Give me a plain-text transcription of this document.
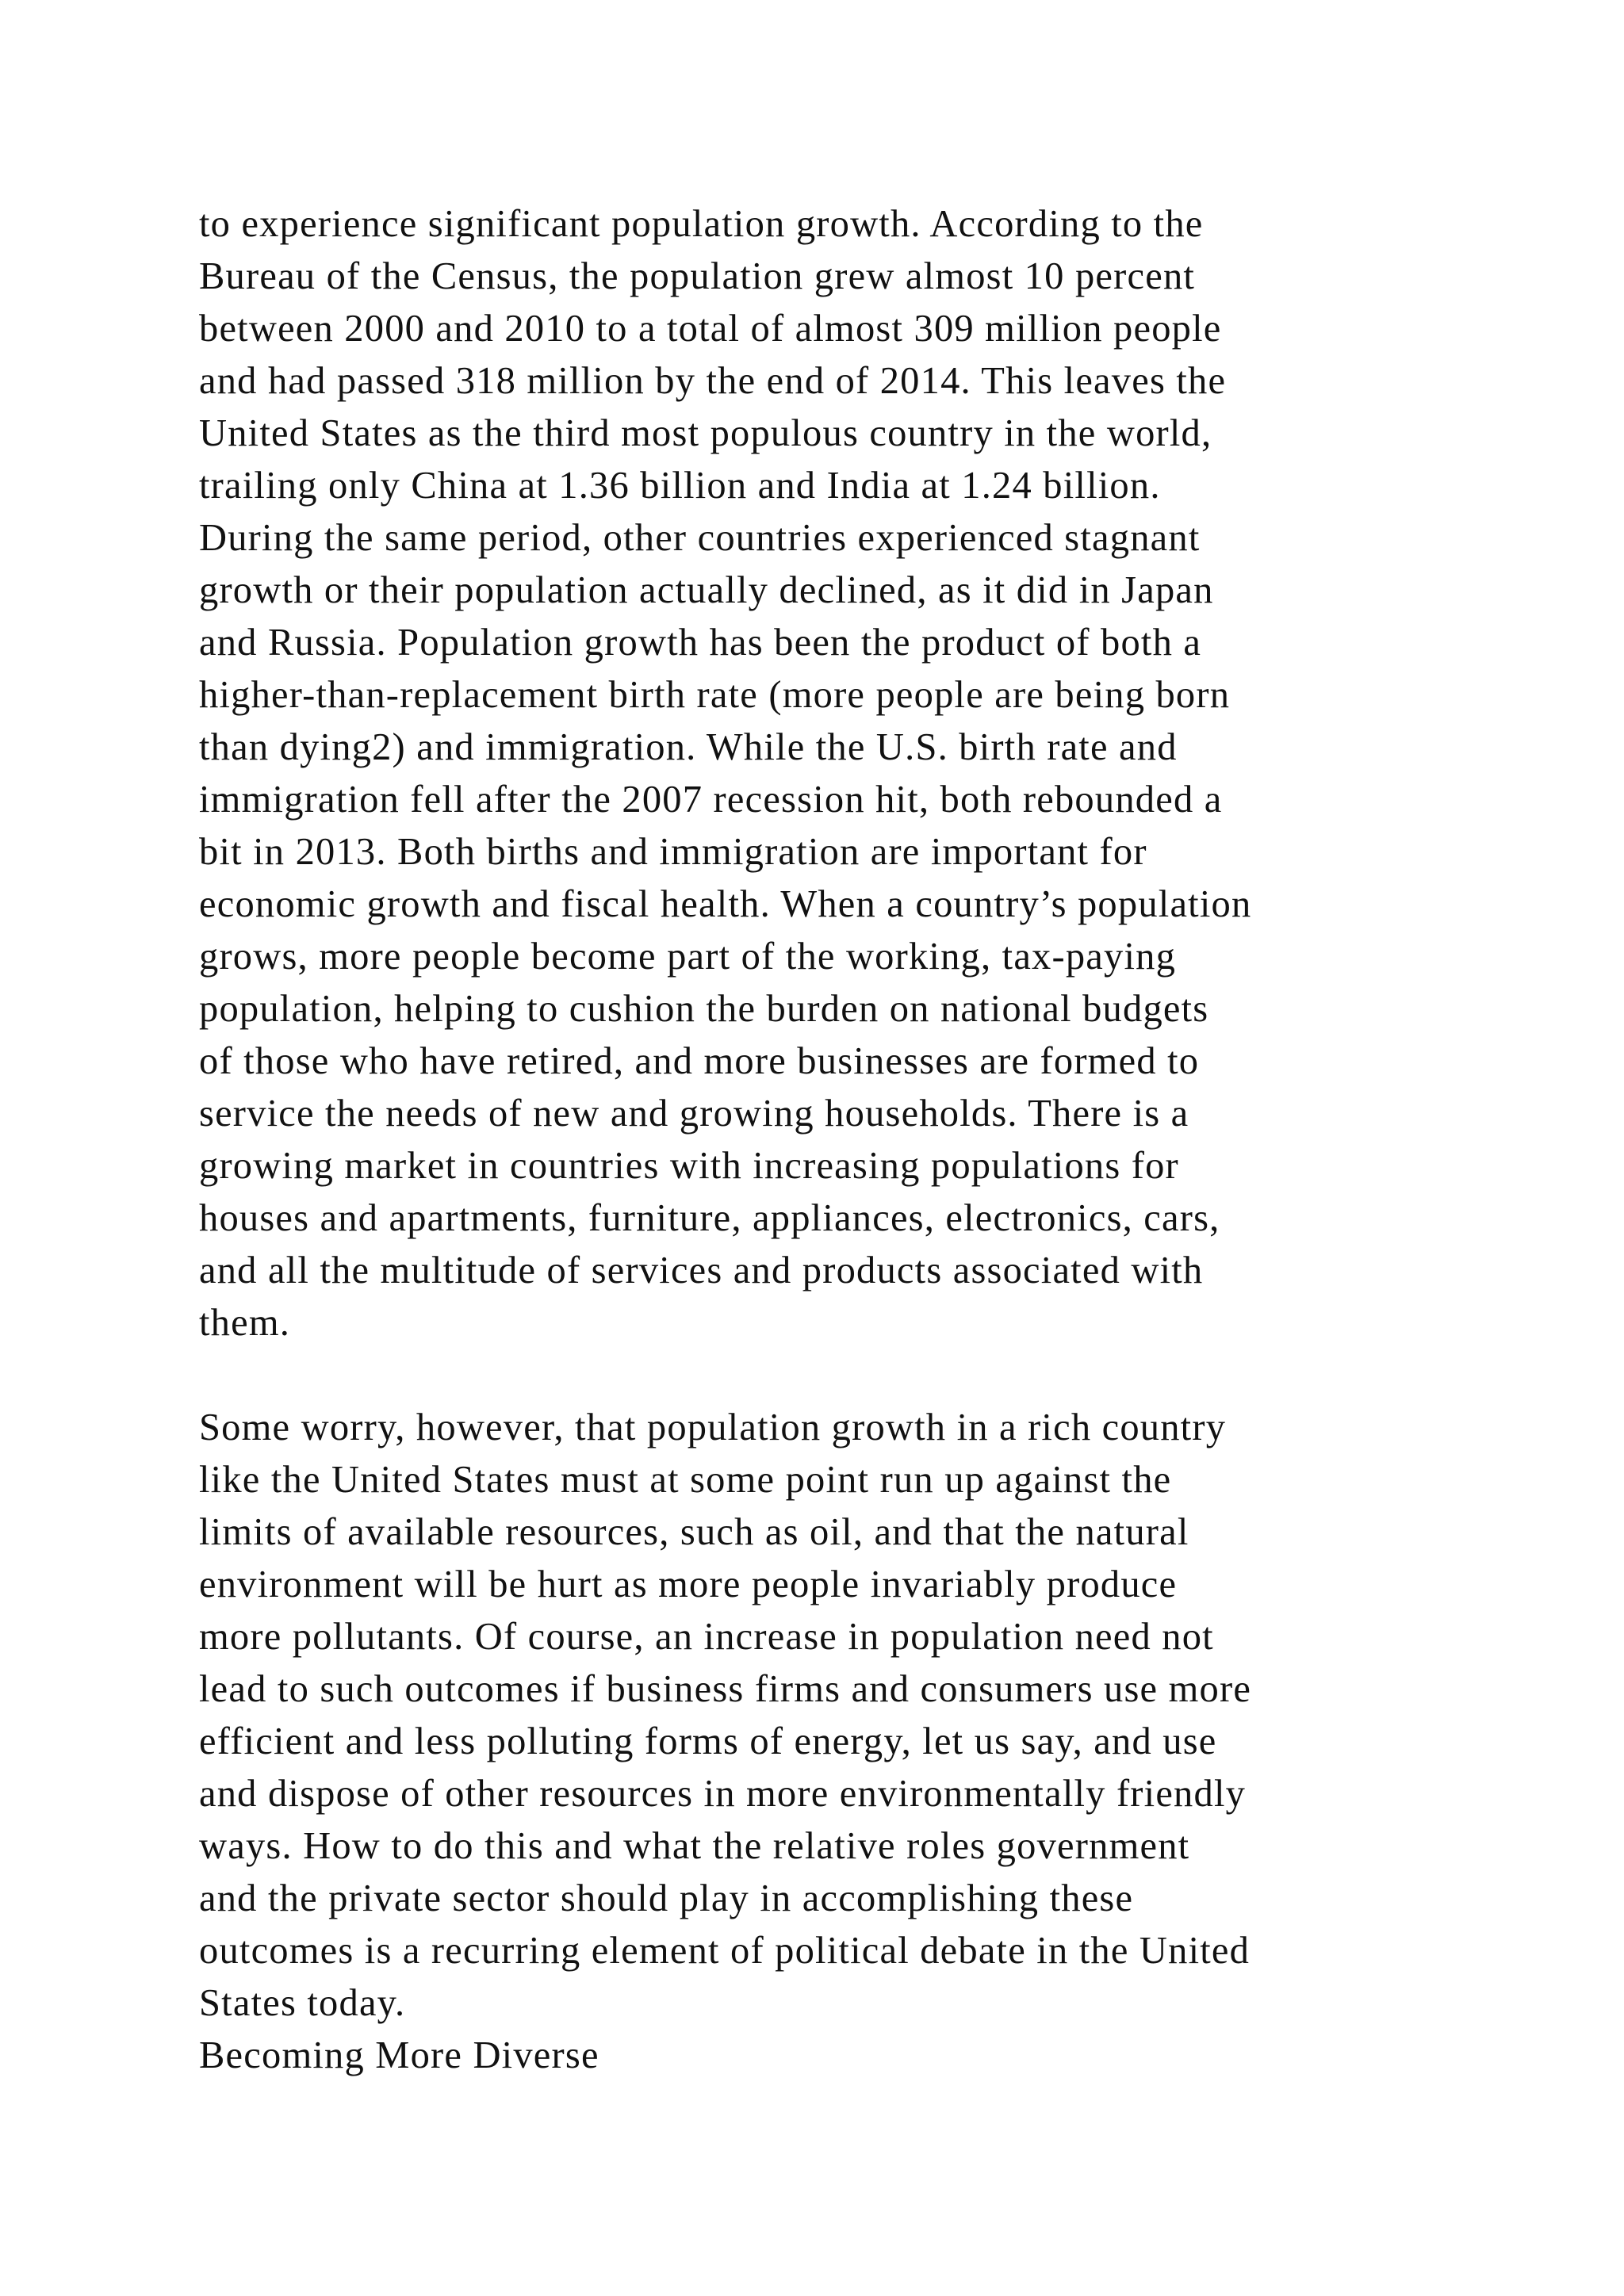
to experience significant population growth. According to the
Bureau of the Census, the population grew almost 10 percent
between 2000 and 2010 to a total of almost 309 million people
and had passed 318 million by the end of 2014. This leaves the
United States as the third most populous country in the world,
trailing only China at 1.36 billion and India at 1.24 billion.
During the same period, other countries experienced stagnant
growth or their population actually declined, as it did in Japan
and Russia. Population growth has been the product of both a
higher-than-replacement birth rate (more people are being born
than dying2) and immigration. While the U.S. birth rate and
immigration fell after the 2007 recession hit, both rebounded a
bit in 2013. Both births and immigration are important for
economic growth and fiscal health. When a country’s population
grows, more people become part of the working, tax-paying
population, helping to cushion the burden on national budgets
of those who have retired, and more businesses are formed to
service the needs of new and growing households. There is a
growing market in countries with increasing populations for
houses and apartments, furniture, appliances, electronics, cars,
and all the multitude of services and products associated with
them.

Some worry, however, that population growth in a rich country
like the United States must at some point run up against the
limits of available resources, such as oil, and that the natural
environment will be hurt as more people invariably produce
more pollutants. Of course, an increase in population need not
lead to such outcomes if business firms and consumers use more
efficient and less polluting forms of energy, let us say, and use
and dispose of other resources in more environmentally friendly
ways. How to do this and what the relative roles government
and the private sector should play in accomplishing these
outcomes is a recurring element of political debate in the United
States today.

Becoming More Diverse
